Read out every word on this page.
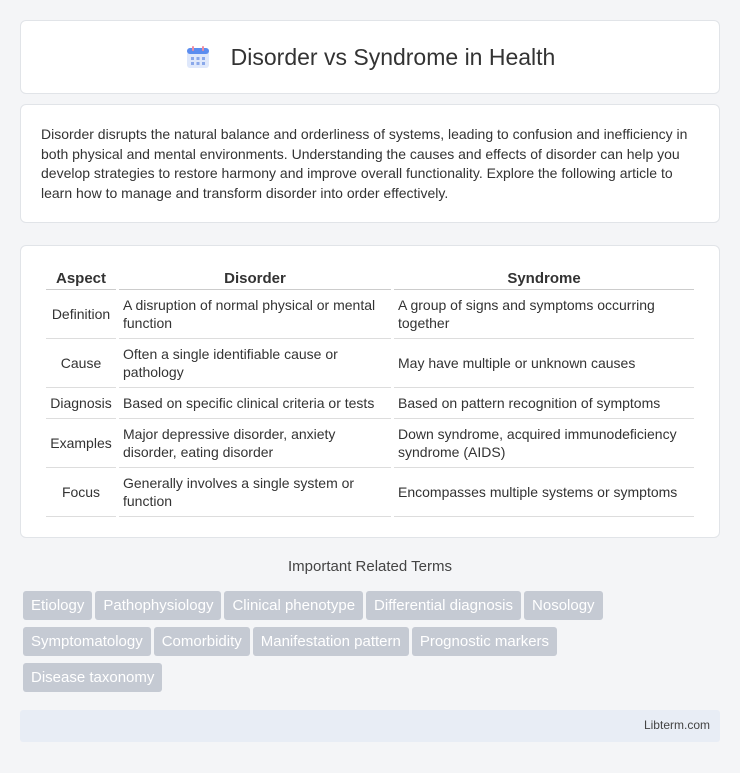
Disorder vs Syndrome in Health

Disorder disrupts the natural balance and orderliness of systems, leading to confusion and inefficiency in both physical and mental environments. Understanding the causes and effects of disorder can help you develop strategies to restore harmony and improve overall functionality. Explore the following article to learn how to manage and transform disorder into order effectively.

Aspect	Disorder	Syndrome
Definition	A disruption of normal physical or mental function	A group of signs and symptoms occurring together
Cause	Often a single identifiable cause or pathology	May have multiple or unknown causes
Diagnosis	Based on specific clinical criteria or tests	Based on pattern recognition of symptoms
Examples	Major depressive disorder, anxiety disorder, eating disorder	Down syndrome, acquired immunodeficiency syndrome (AIDS)
Focus	Generally involves a single system or function	Encompasses multiple systems or symptoms
Important Related Terms
Etiology Pathophysiology Clinical phenotype Differential diagnosis Nosology
Symptomatology Comorbidity Manifestation pattern Prognostic markers
Disease taxonomy
Libterm.com
